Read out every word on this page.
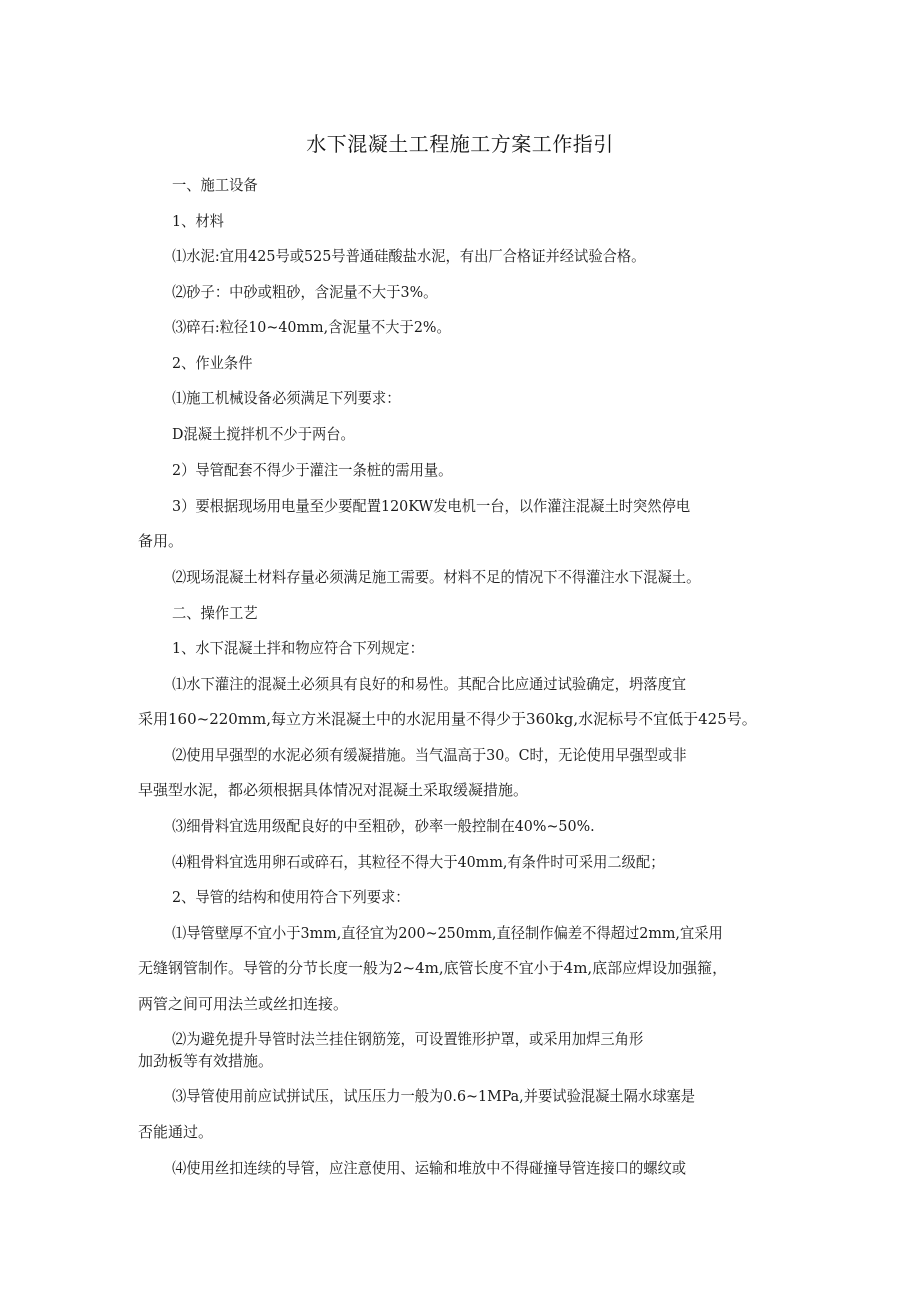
水下混凝土工程施工方案工作指引
一、施工设备
1、材料
⑴水泥:宜用425号或525号普通硅酸盐水泥，有出厂合格证并经试验合格。
⑵砂子：中砂或粗砂，含泥量不大于3%。
⑶碎石:粒径10~40mm,含泥量不大于2%。
2、作业条件
⑴施工机械设备必须满足下列要求：
D混凝土搅拌机不少于两台。
2）导管配套不得少于灌注一条桩的需用量。
3）要根据现场用电量至少要配置120KW发电机一台，以作灌注混凝土时突然停电
备用。
⑵现场混凝土材料存量必须满足施工需要。材料不足的情况下不得灌注水下混凝土。
二、操作工艺
1、水下混凝土拌和物应符合下列规定：
⑴水下灌注的混凝土必须具有良好的和易性。其配合比应通过试验确定，坍落度宜
采用160~220mm,每立方米混凝土中的水泥用量不得少于360kg,水泥标号不宜低于425号。
⑵使用早强型的水泥必须有缓凝措施。当气温高于30。C时，无论使用早强型或非
早强型水泥，都必须根据具体情况对混凝土采取缓凝措施。
⑶细骨料宜选用级配良好的中至粗砂，砂率一般控制在40%~50%.
⑷粗骨料宜选用卵石或碎石，其粒径不得大于40mm,有条件时可采用二级配；
2、导管的结构和使用符合下列要求：
⑴导管壁厚不宜小于3mm,直径宜为200~250mm,直径制作偏差不得超过2mm,宜采用
无缝钢管制作。导管的分节长度一般为2~4m,底管长度不宜小于4m,底部应焊设加强箍，
两管之间可用法兰或丝扣连接。
⑵为避免提升导管时法兰挂住钢筋笼，可设置锥形护罩，或采用加焊三角形
加劲板等有效措施。
⑶导管使用前应试拼试压，试压压力一般为0.6~1MPa,并要试验混凝土隔水球塞是
否能通过。
⑷使用丝扣连续的导管，应注意使用、运输和堆放中不得碰撞导管连接口的螺纹或
